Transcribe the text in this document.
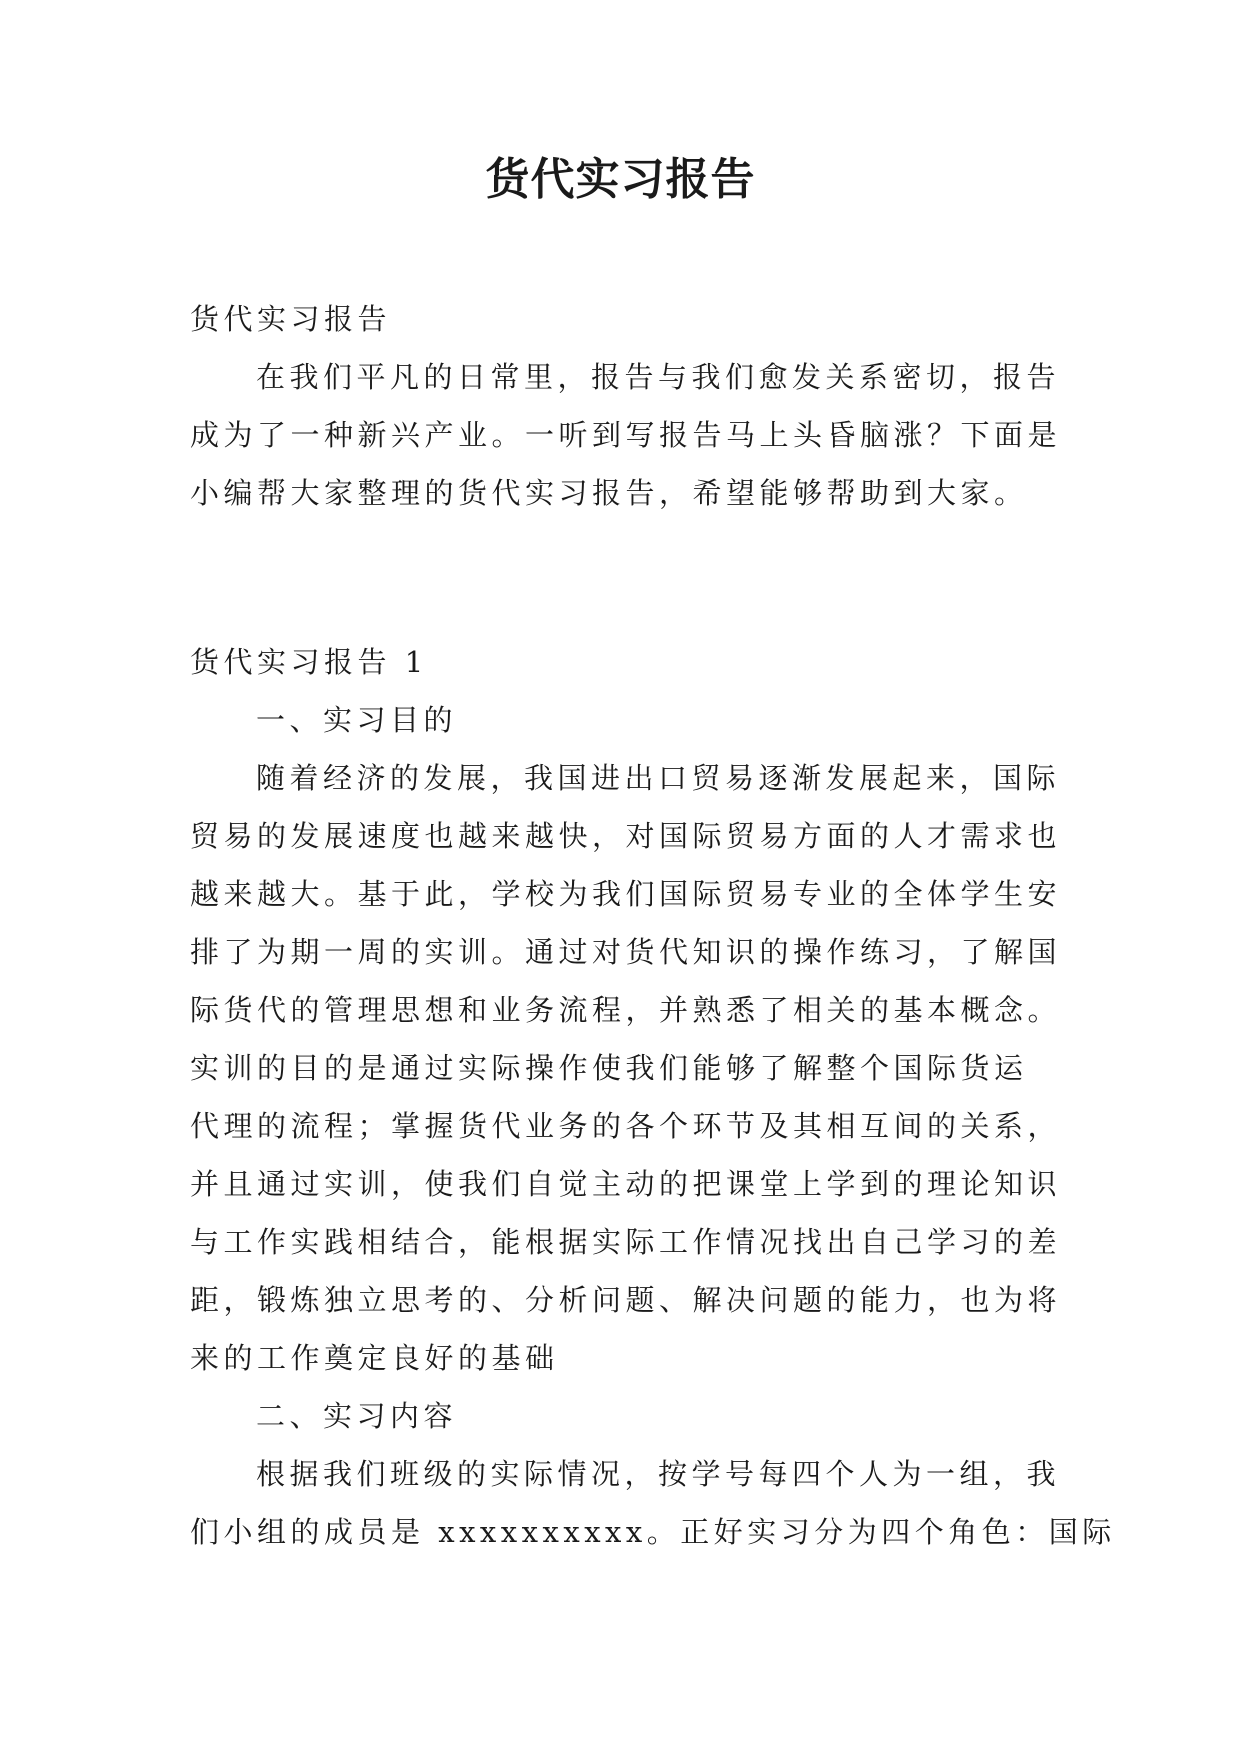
货代实习报告
货代实习报告
在我们平凡的日常里，报告与我们愈发关系密切，报告
成为了一种新兴产业。一听到写报告马上头昏脑涨？下面是
小编帮大家整理的货代实习报告，希望能够帮助到大家。
货代实习报告 1
一、实习目的
随着经济的发展，我国进出口贸易逐渐发展起来，国际
贸易的发展速度也越来越快，对国际贸易方面的人才需求也
越来越大。基于此，学校为我们国际贸易专业的全体学生安
排了为期一周的实训。通过对货代知识的操作练习，了解国
际货代的管理思想和业务流程，并熟悉了相关的基本概念。
实训的目的是通过实际操作使我们能够了解整个国际货运
代理的流程；掌握货代业务的各个环节及其相互间的关系，
并且通过实训，使我们自觉主动的把课堂上学到的理论知识
与工作实践相结合，能根据实际工作情况找出自己学习的差
距，锻炼独立思考的、分析问题、解决问题的能力，也为将
来的工作奠定良好的基础
二、实习内容
根据我们班级的实际情况，按学号每四个人为一组，我
们小组的成员是 xxxxxxxxxx。正好实习分为四个角色：国际
